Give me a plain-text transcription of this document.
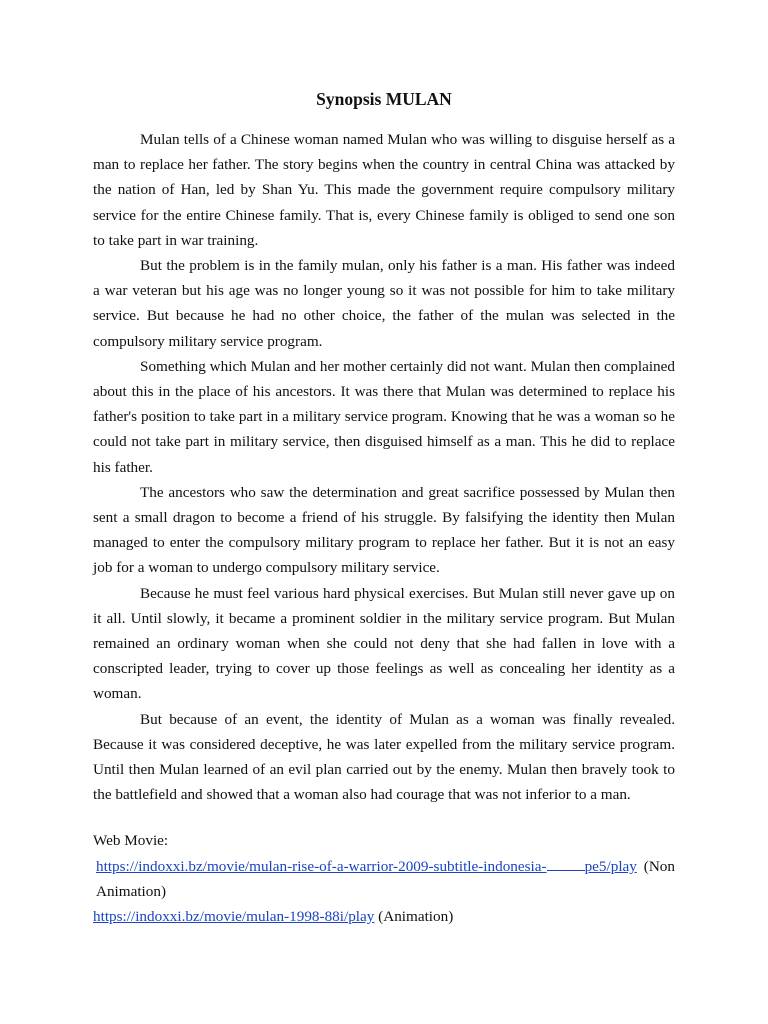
Synopsis MULAN

Mulan tells of a Chinese woman named Mulan who was willing to disguise herself as a man to replace her father. The story begins when the country in central China was attacked by the nation of Han, led by Shan Yu. This made the government require compulsory military service for the entire Chinese family. That is, every Chinese family is obliged to send one son to take part in war training.

But the problem is in the family mulan, only his father is a man. His father was indeed a war veteran but his age was no longer young so it was not possible for him to take military service. But because he had no other choice, the father of the mulan was selected in the compulsory military service program.

Something which Mulan and her mother certainly did not want. Mulan then complained about this in the place of his ancestors. It was there that Mulan was determined to replace his father's position to take part in a military service program. Knowing that he was a woman so he could not take part in military service, then disguised himself as a man. This he did to replace his father.

The ancestors who saw the determination and great sacrifice possessed by Mulan then sent a small dragon to become a friend of his struggle. By falsifying the identity then Mulan managed to enter the compulsory military program to replace her father. But it is not an easy job for a woman to undergo compulsory military service.

Because he must feel various hard physical exercises. But Mulan still never gave up on it all. Until slowly, it became a prominent soldier in the military service program. But Mulan remained an ordinary woman when she could not deny that she had fallen in love with a conscripted leader, trying to cover up those feelings as well as concealing her identity as a woman.

But because of an event, the identity of Mulan as a woman was finally revealed. Because it was considered deceptive, he was later expelled from the military service program. Until then Mulan learned of an evil plan carried out by the enemy. Mulan then bravely took to the battlefield and showed that a woman also had courage that was not inferior to a man.

Web Movie:

https://indoxxi.bz/movie/mulan-rise-of-a-warrior-2009-subtitle-indonesia-	pe5/play (Non Animation)

https://indoxxi.bz/movie/mulan-1998-88i/play (Animation)
